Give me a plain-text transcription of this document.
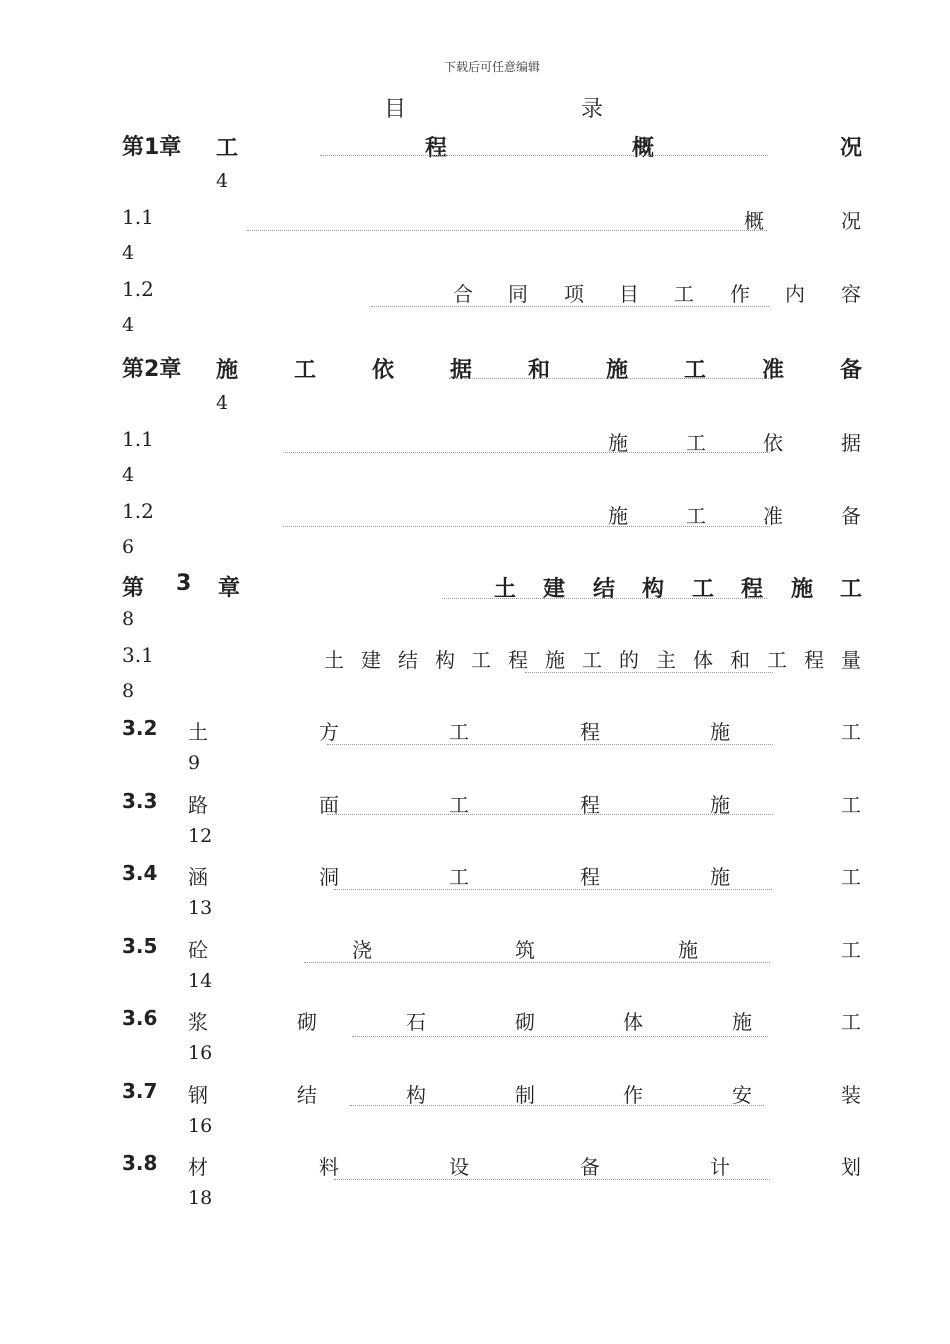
下载后可任意编辑
目	录
第1章 工	程	概	况
4
1.1	概	况
4
1.2	合 同 项 目 工 作 内 容
4
第2章 施	工	依	据	和	施	工	准	备
4
1.1	施	工	依	据
4
1.2	施	工	准	备
6
第 3 章	土 建 结 构 工 程 施 工
8
3.1	土 建 结 构 工 程 施 工 的 主 体 和 工 程 量
8
3.2 土	方	工	程	施	工
9
3.3 路	面	工	程	施	工
12
3.4 涵	洞	工	程	施	工
13
3.5 砼	浇	筑	施	工
14
3.6 浆	砌	石	砌	体	施	工
16
3.7 钢	结	构	制	作	安	装
16
3.8 材	料	设	备	计	划
18
